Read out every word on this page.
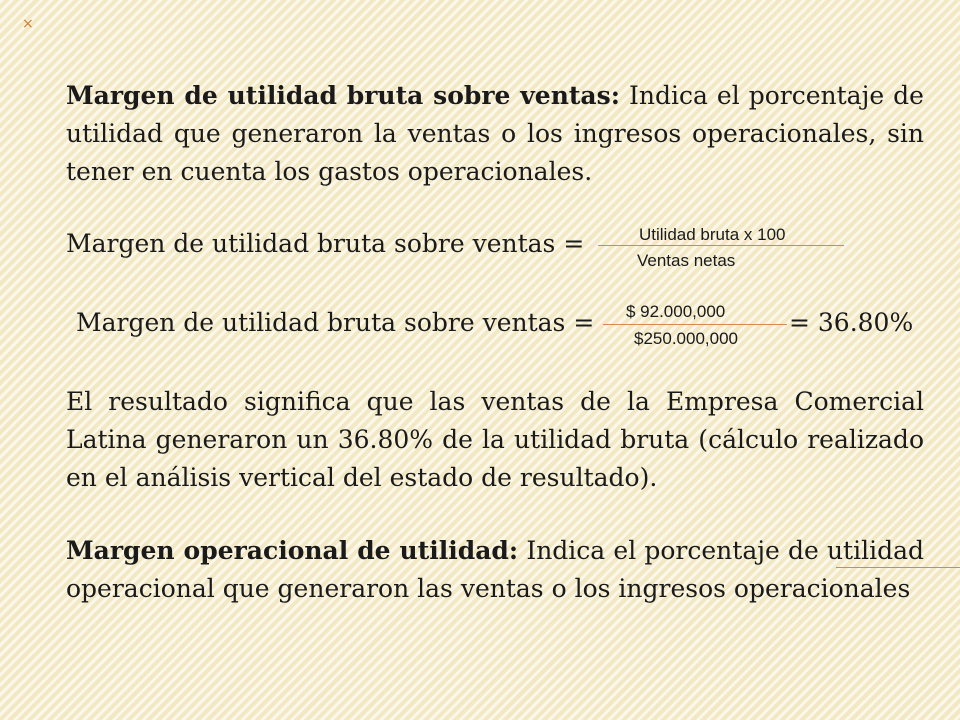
×

Margen de utilidad bruta sobre ventas: Indica el porcentaje de utilidad que generaron la ventas o los ingresos operacionales, sin tener en cuenta los gastos operacionales.

Margen de utilidad bruta sobre ventas =	Utilidad bruta x 100
Ventas netas
Margen de utilidad bruta sobre ventas = $ 92.000,000
$250.000,000
= 36.80%

El resultado significa que las ventas de la Empresa Comercial Latina generaron un 36.80% de la utilidad bruta (cálculo realizado en el análisis vertical del estado de resultado).

Margen operacional de utilidad: Indica el porcentaje de utilidad operacional que generaron las ventas o los ingresos operacionales
